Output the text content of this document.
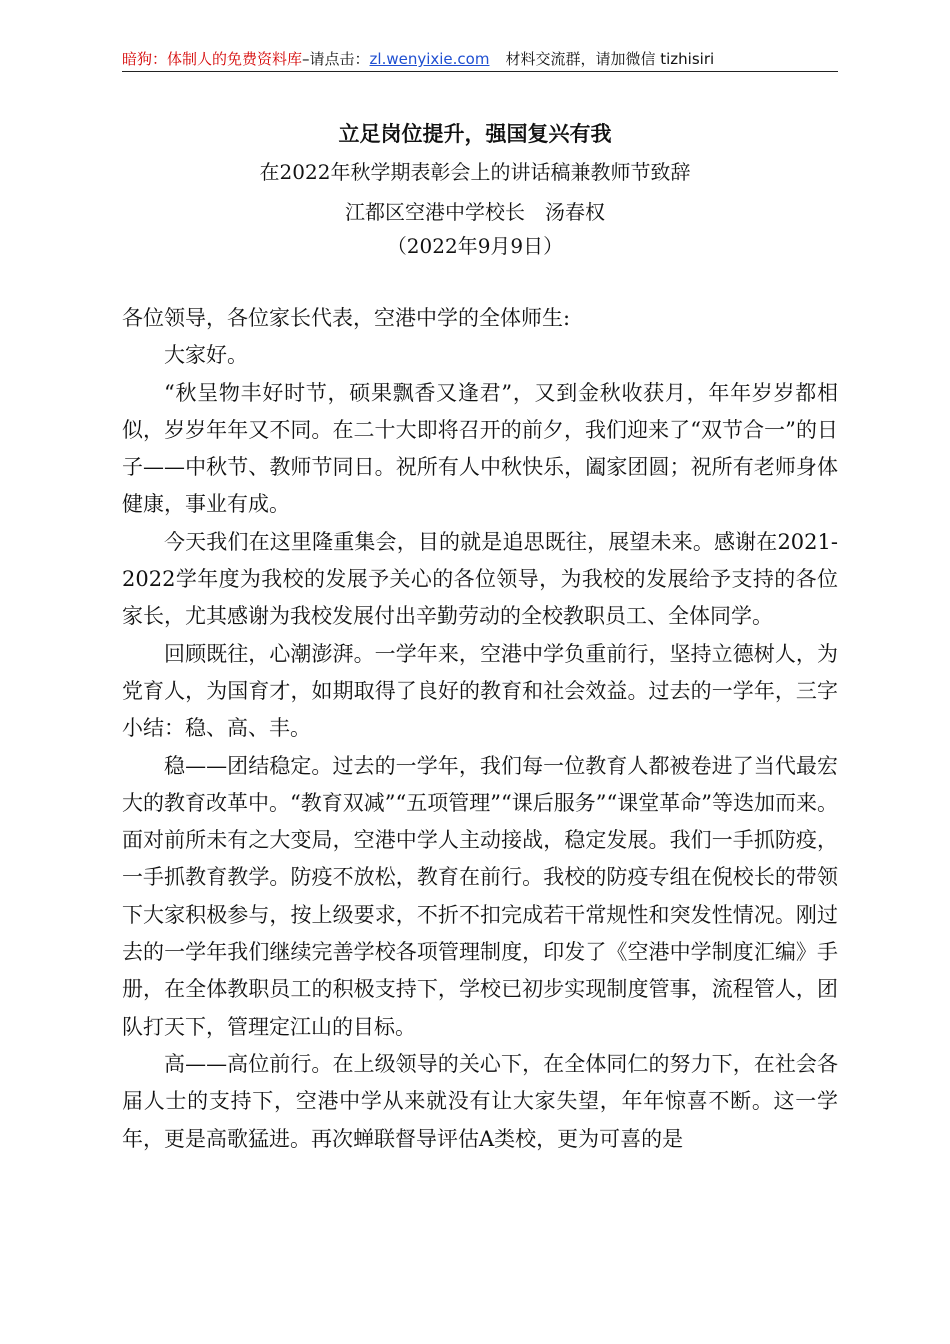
暗狗：体制人的免费资料库–请点击：zl.wenyixie.com 材料交流群，请加微信 tizhisiri
立足岗位提升，强国复兴有我
在2022年秋学期表彰会上的讲话稿兼教师节致辞
江都区空港中学校长　汤春权
（2022年9月9日）

各位领导，各位家长代表，空港中学的全体师生:

大家好。

“秋呈物丰好时节，硕果飘香又逢君”，又到金秋收获月，年年岁岁都相似，岁岁年年又不同。在二十大即将召开的前夕，我们迎来了“双节合一”的日子——中秋节、教师节同日。祝所有人中秋快乐，阖家团圆；祝所有老师身体健康，事业有成。

今天我们在这里隆重集会，目的就是追思既往，展望未来。感谢在2021-2022学年度为我校的发展予关心的各位领导，为我校的发展给予支持的各位家长，尤其感谢为我校发展付出辛勤劳动的全校教职员工、全体同学。

回顾既往，心潮澎湃。一学年来，空港中学负重前行，坚持立德树人，为党育人，为国育才，如期取得了良好的教育和社会效益。过去的一学年，三字小结：稳、高、丰。

稳——团结稳定。过去的一学年，我们每一位教育人都被卷进了当代最宏大的教育改革中。“教育双减”“五项管理”“课后服务”“课堂革命”等迭加而来。面对前所未有之大变局，空港中学人主动接战，稳定发展。我们一手抓防疫，一手抓教育教学。防疫不放松，教育在前行。我校的防疫专组在倪校长的带领下大家积极参与，按上级要求，不折不扣完成若干常规性和突发性情况。刚过去的一学年我们继续完善学校各项管理制度，印发了《空港中学制度汇编》手册，在全体教职员工的积极支持下，学校已初步实现制度管事，流程管人，团队打天下，管理定江山的目标。

高——高位前行。在上级领导的关心下，在全体同仁的努力下，在社会各届人士的支持下，空港中学从来就没有让大家失望，年年惊喜不断。这一学年，更是高歌猛进。再次蝉联督导评估A类校，更为可喜的是
